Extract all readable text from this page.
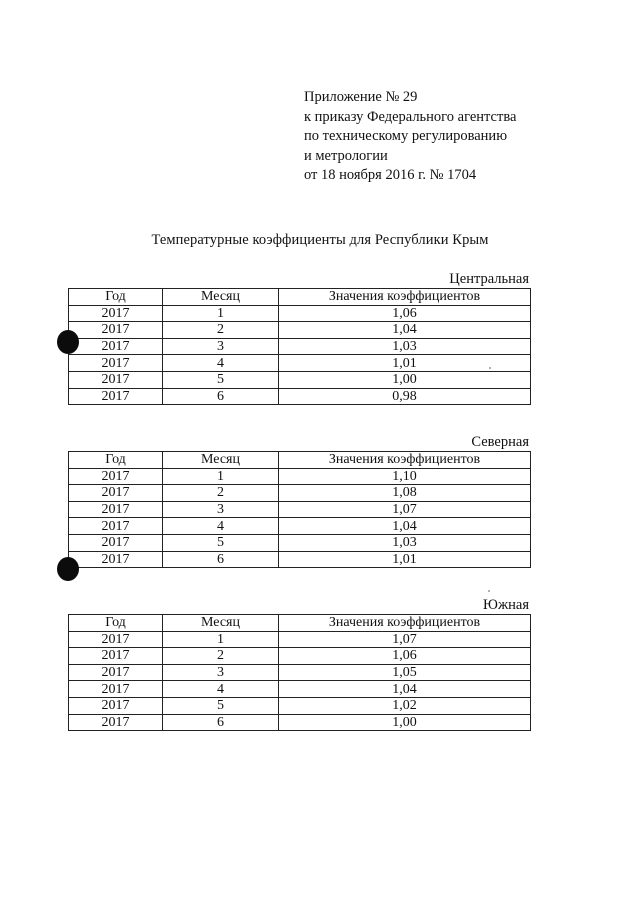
Приложение № 29
к приказу Федерального агентства
по техническому регулированию
и метрологии
от 18 ноября 2016 г. № 1704
Температурные коэффициенты для Республики Крым
Центральная
Год	Месяц	Значения коэффициентов
2017	1	1,06
2017	2	1,04
2017	3	1,03
2017	4	1,01
2017	5	1,00
2017	6	0,98
Северная
Год	Месяц	Значения коэффициентов
2017	1	1,10
2017	2	1,08
2017	3	1,07
2017	4	1,04
2017	5	1,03
2017	6	1,01
Южная
Год	Месяц	Значения коэффициентов
2017	1	1,07
2017	2	1,06
2017	3	1,05
2017	4	1,04
2017	5	1,02
2017	6	1,00
